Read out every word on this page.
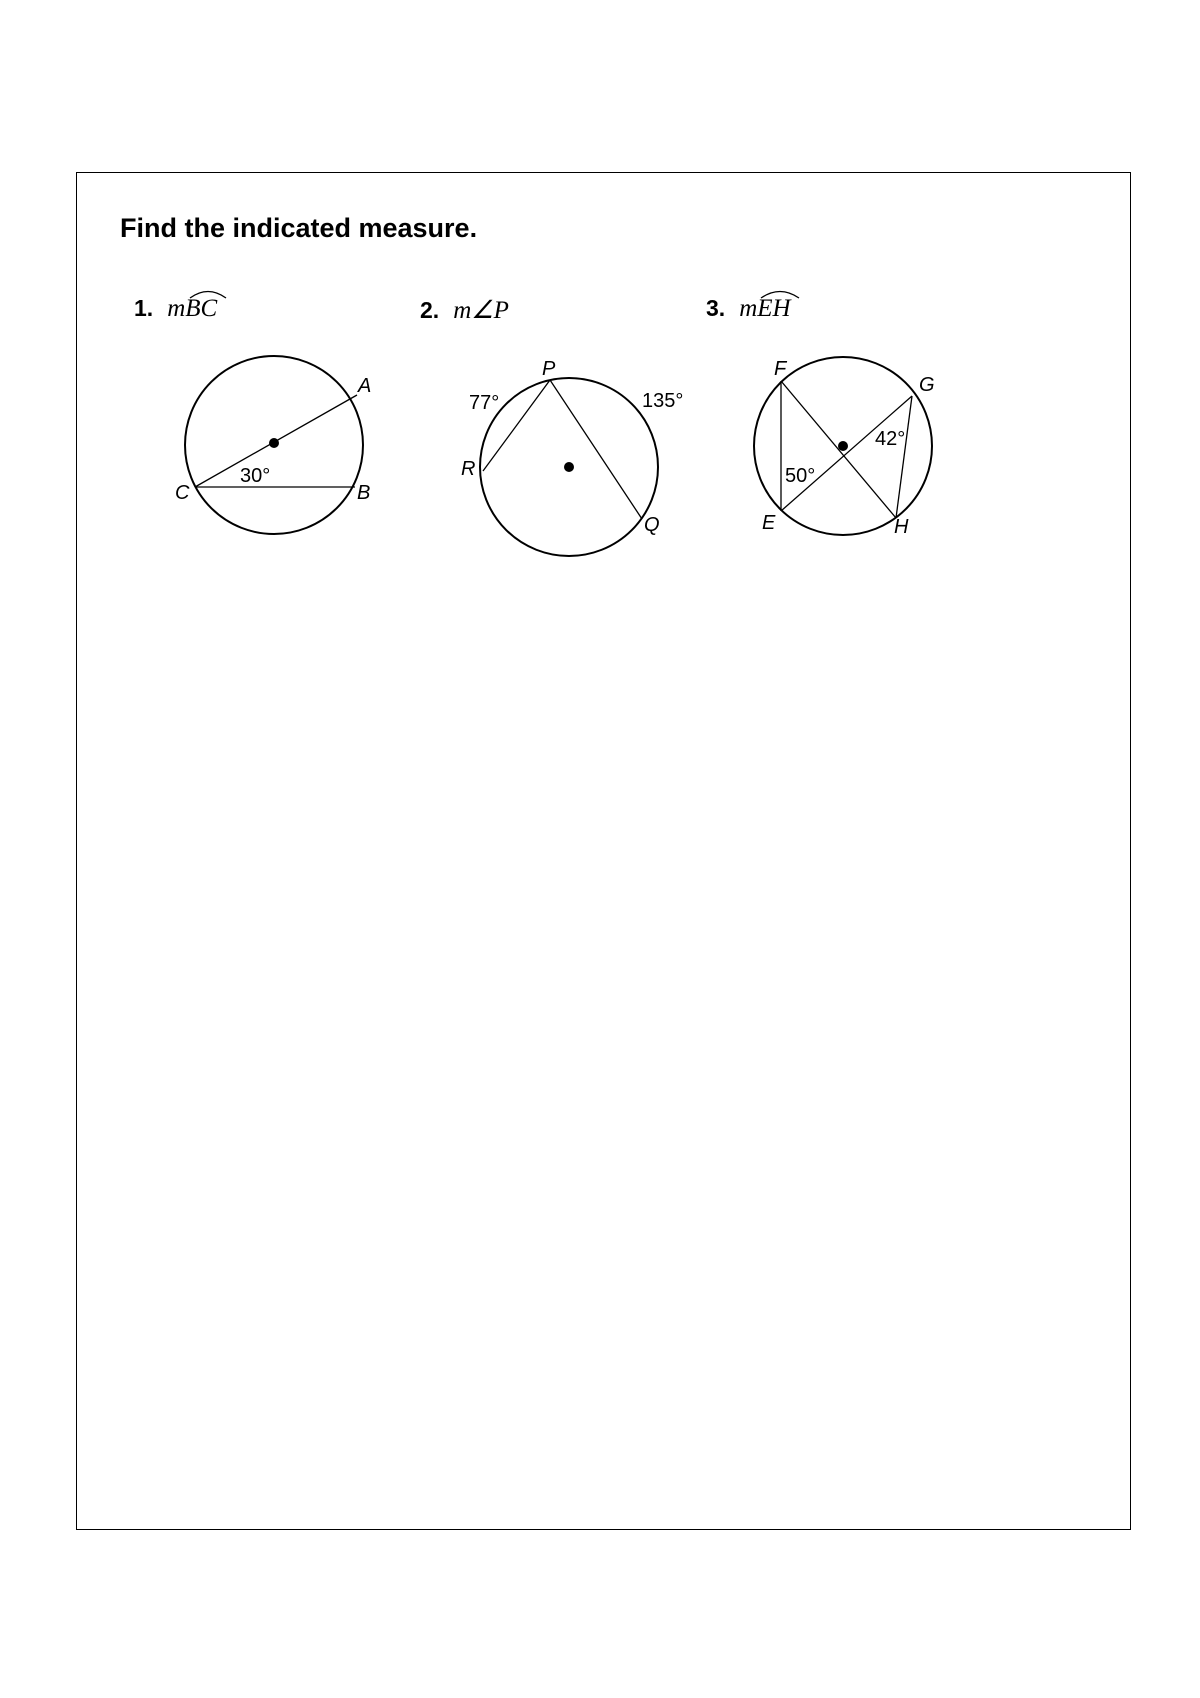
Find the indicated measure.
1. mBC	2. m∠P	3. mEH
A
B
C
30°
P
Q
R
77°	135°
F
G
E	H
50°
42°
